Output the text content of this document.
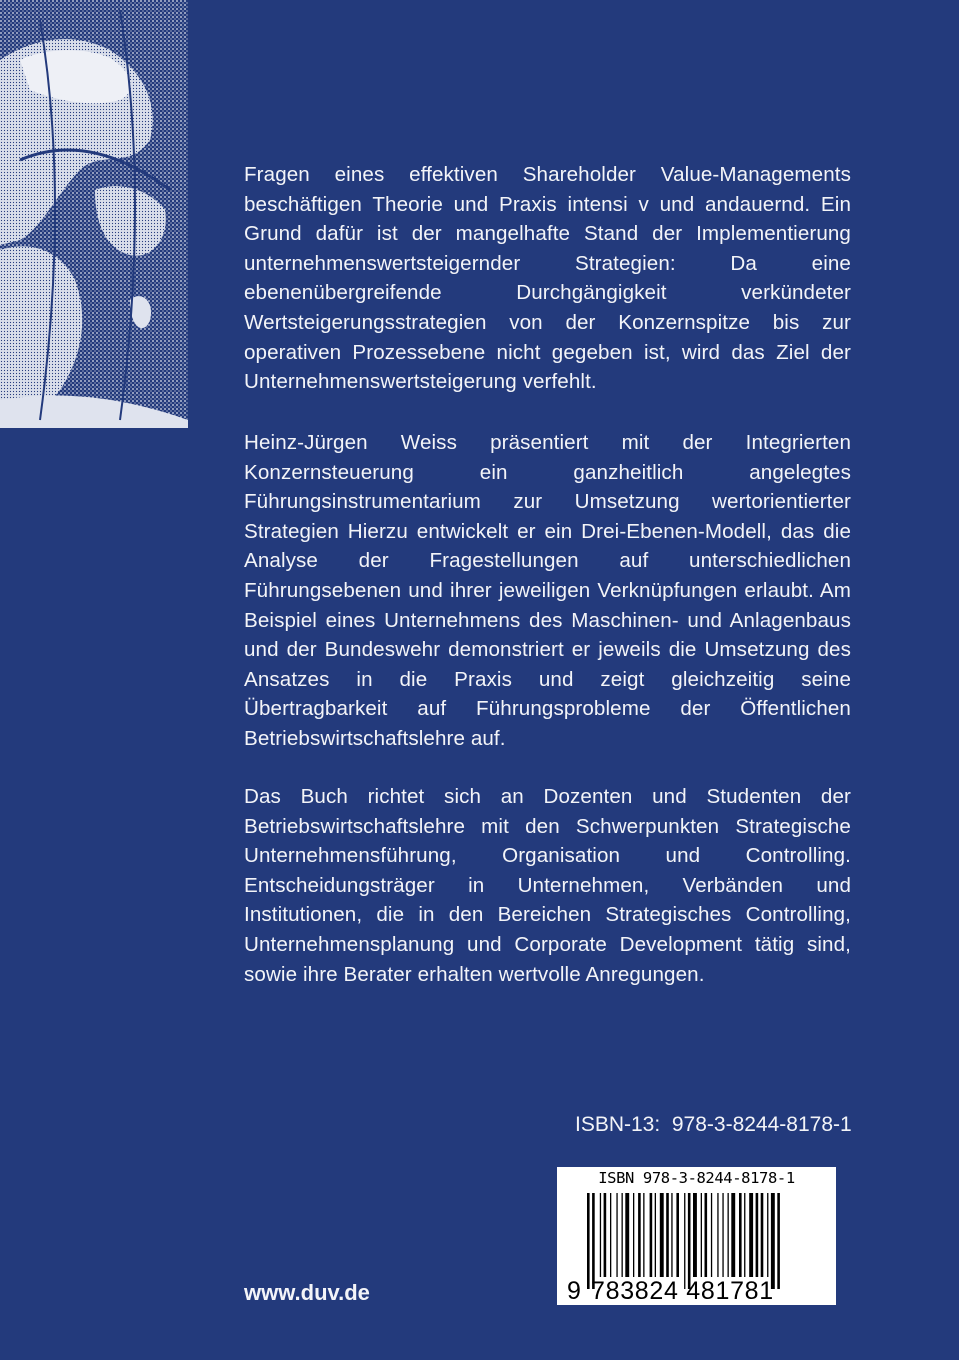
Fragen eines effektiven Shareholder Value-Managements beschäftigen Theorie und Praxis intensi v und andauernd. Ein Grund dafür ist der mangelhafte Stand der Implementierung unternehmenswertsteigernder Strategien: Da eine ebenenübergreifende Durchgängigkeit verkündeter Wertsteigerungsstrategien von der Konzernspitze bis zur operativen Prozessebene nicht gegeben ist, wird das Ziel der Unternehmenswertsteigerung verfehlt.

Heinz-Jürgen Weiss präsentiert mit der Integrierten Konzernsteuerung ein ganzheitlich angelegtes Führungsinstrumentarium zur Umsetzung wertorientierter Strategien Hierzu entwickelt er ein Drei-Ebenen-Modell, das die Analyse der Fragestellungen auf unterschiedlichen Führungsebenen und ihrer jeweiligen Verknüpfungen erlaubt. Am Beispiel eines Unternehmens des Maschinen- und Anlagenbaus und der Bundeswehr demonstriert er jeweils die Umsetzung des Ansatzes in die Praxis und zeigt gleichzeitig seine Übertragbarkeit auf Führungsprobleme der Öffentlichen Betriebswirtschaftslehre auf.

Das Buch richtet sich an Dozenten und Studenten der Betriebswirtschaftslehre mit den Schwerpunkten Strategische Unternehmensführung, Organisation und Controlling. Entscheidungsträger in Unternehmen, Verbänden und Institutionen, die in den Bereichen Strategisches Controlling, Unternehmensplanung und Corporate Development tätig sind, sowie ihre Berater erhalten wertvolle Anregungen.

ISBN-13:  978-3-8244-8178-1
ISBN 978-3-8244-8178-1
9 783824 481781
www.duv.de
